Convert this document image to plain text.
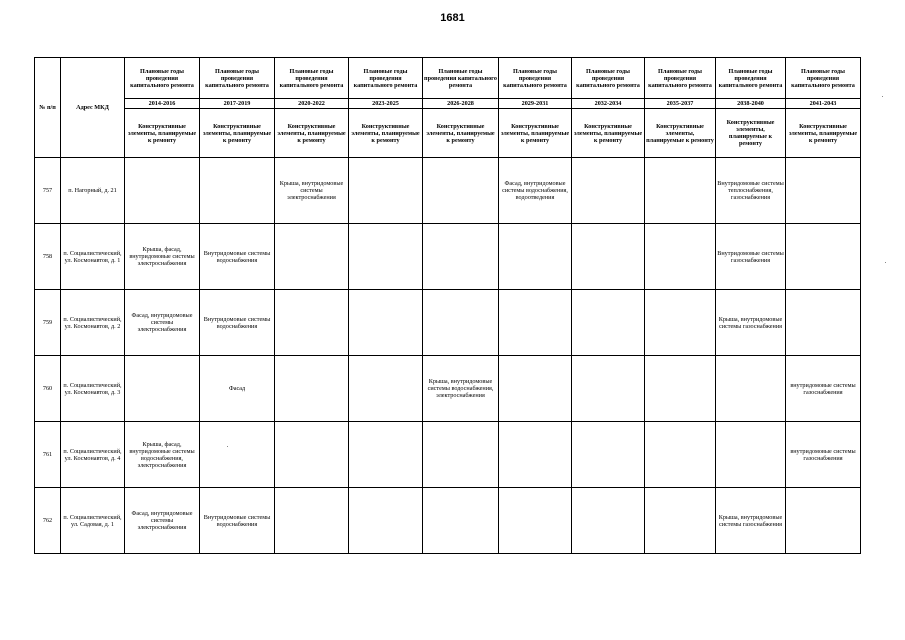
1681
№ п/п	Адрес МКД	Плановые годы проведения капитального ремонта	Плановые годы проведения капитального ремонта	Плановые годы проведения капитального ремонта	Плановые годы проведения капитального ремонта	Плановые годы проведения капитального ремонта	Плановые годы проведения капитального ремонта	Плановые годы проведения капитального ремонта	Плановые годы проведения капитального ремонта	Плановые годы проведения капитального ремонта	Плановые годы проведения капитального ремонта
		2014-2016	2017-2019	2020-2022	2023-2025	2026-2028	2029-2031	2032-2034	2035-2037	2038-2040	2041-2043
		Конструктивные элементы, планируемые к ремонту	Конструктивные элементы, планируемые к ремонту	Конструктивные элементы, планируемые к ремонту	Конструктивные элементы, планируемые к ремонту	Конструктивные элементы, планируемые к ремонту	Конструктивные элементы, планируемые к ремонту	Конструктивные элементы, планируемые к ремонту	Конструктивные элементы, планируемые к ремонту	Конструктивные элементы, планируемые к ремонту	Конструктивные элементы, планируемые к ремонту
757	п. Нагорный, д. 21			Крыша, внутридомовые системы электроснабжения			Фасад, внутридомовые системы водоснабжения, водоотведения			Внутридомовые системы теплоснабжения, газоснабжения	
758	п. Социалистический, ул. Космонавтов, д. 1	Крыша, фасад, внутридомовые системы электроснабжения	Внутридомовые системы водоснабжения							Внутридомовые системы газоснабжения	
759	п. Социалистический, ул. Космонавтов, д. 2	Фасад, внутридомовые системы электроснабжения	Внутридомовые системы водоснабжения							Крыша, внутридомовые системы газоснабжения	
760	п. Социалистический, ул. Космонавтов, д. 3		Фасад			Крыша, внутридомовые системы водоснабжения, электроснабжения					внутридомовые системы газоснабжения
761	п. Социалистический, ул. Космонавтов, д. 4	Крыша, фасад, внутридомовые системы водоснабжения, электроснабжения									внутридомовые системы газоснабжения
762	п. Социалистический, ул. Садовая, д. 1	Фасад, внутридомовые системы электроснабжения	Внутридомовые системы водоснабжения							Крыша, внутридомовые системы газоснабжения	
